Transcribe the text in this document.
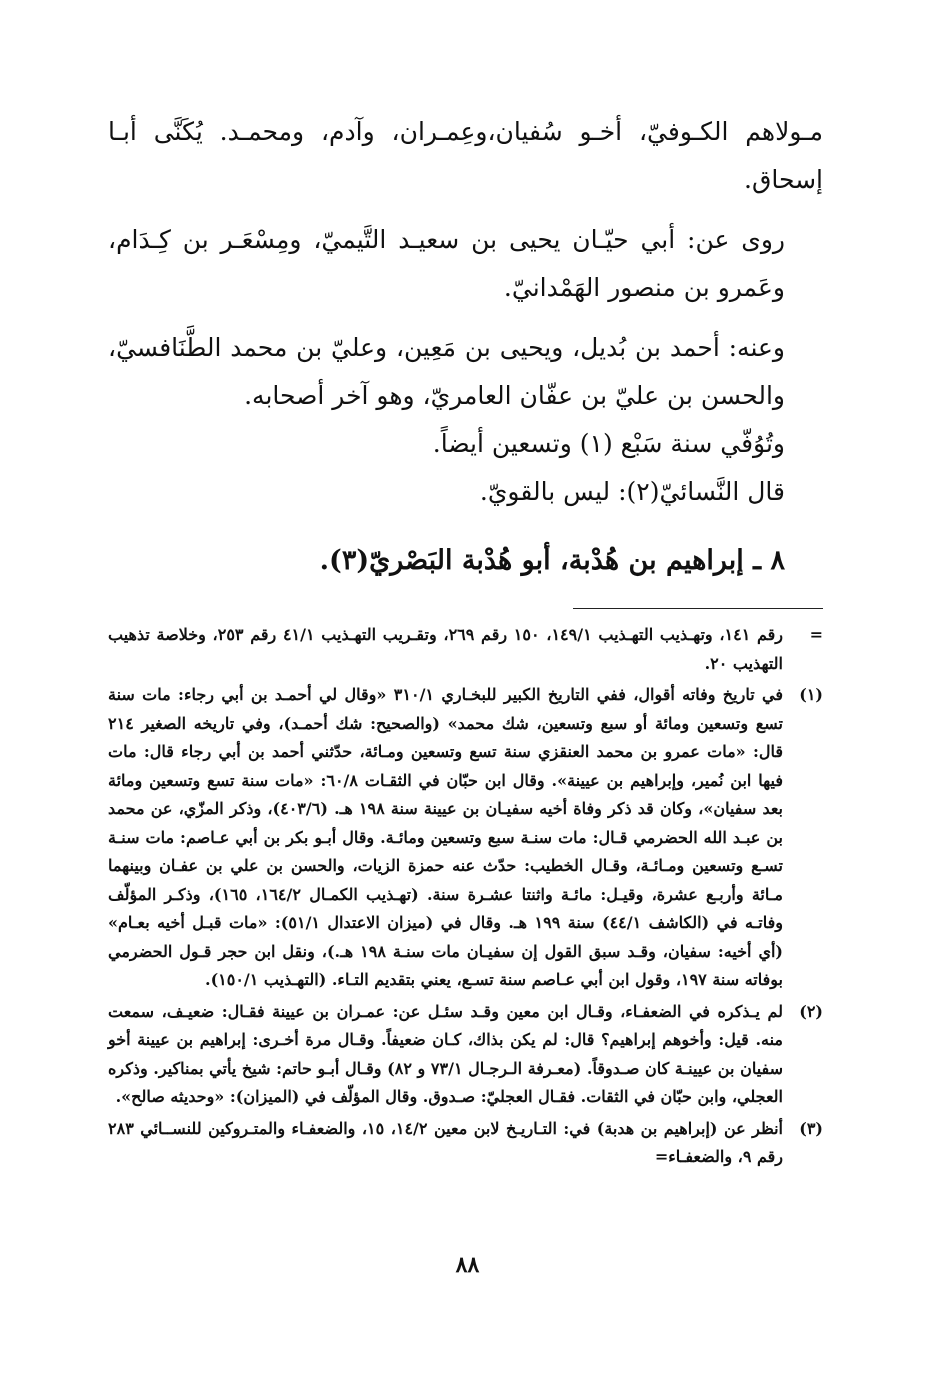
مـولاهم الكـوفيّ، أخـو سُفيان،وعِمـران، وآدم، ومحمـد. يُكَنَّى أبـا إسحاق.

روى عن: أبي حيّـان يحيى بن سعيـد التَّيميّ، ومِسْعَـر بن كِـدَام، وعَمرو بن منصور الهَمْدانيّ.

وعنه: أحمد بن بُديل، ويحيى بن مَعِين، وعليّ بن محمد الطَّنَافسيّ، والحسن بن عليّ بن عفّان العامريّ، وهو آخر أصحابه.

وتُوُفّي سنة سَبْع (١) وتسعين أيضاً.

قال النَّسائيّ(٢): ليس بالقويّ.

٨ ـ إبراهيم بن هُدْبة، أبو هُدْبة البَصْريّ(٣).
=
رقم ١٤١، وتهـذيب التهـذيب ١٤٩/١، ١٥٠ رقم ٢٦٩، وتقـريب التهـذيب ٤١/١ رقم ٢٥٣، وخلاصة تذهيب التهذيب ٢٠.
(١)
في تاريخ وفاته أقوال، ففي التاريخ الكبير للبخـاري ٣١٠/١ «وقال لي أحمـد بن أبي رجاء: مات سنة تسع وتسعين ومائة أو سبع وتسعين، شك محمد» (والصحيح: شك أحمـد)، وفي تاريخه الصغير ٢١٤ قال: «مات عمرو بن محمد العنقزي سنة تسع وتسعين ومـائة، حدّثني أحمد بن أبي رجاء قال: مات فيها ابن نُمير، وإبراهيم بن عيينة». وقال ابن حبّان في الثقـات ٦٠/٨: «مات سنة تسع وتسعين ومائة بعد سفيان»، وكان قد ذكر وفاة أخيه سفيـان بن عيينة سنة ١٩٨ هـ. (٤٠٣/٦)، وذكر المزّي، عن محمد بن عبـد الله الحضرمي قـال: مات سنـة سبع وتسعين ومائـة. وقال أبـو بكر بن أبي عـاصم: مات سنـة تسـع وتسعين ومـائـة، وقـال الخطيب: حدّث عنه حمزة الزيات، والحسن بن علي بن عفـان وبينهما مـائة وأربـع عشرة، وقيـل: مائـة واثنتا عشـرة سنة. (تهـذيب الكمـال ١٦٤/٢، ١٦٥)، وذكـر المؤلّف وفاتـه في (الكاشف ٤٤/١) سنة ١٩٩ هـ. وقال في (ميزان الاعتدال ٥١/١): «مات قبـل أخيه بعـام» (أي أخيه: سفيان، وقـد سبق القول إن سفيـان مات سنـة ١٩٨ هـ.)، ونقل ابن حجر قـول الحضرمي بوفاته سنة ١٩٧، وقول ابن أبي عـاصم سنة تسـع، يعني بتقديم التـاء. (التهـذيب ١٥٠/١).
(٢)
لم يـذكره في الضعفـاء، وقـال ابن معين وقـد سئـل عن: عمـران بن عيينة فقـال: ضعيـف، سمعت منه. قيل: وأخوهم إبراهيم؟ قال: لم يكن بذاك، كـان ضعيفاً. وقـال مرة أخـرى: إبراهيم بن عيينة أخو سفيان بن عيينـة كان صـدوقاً. (معـرفة الـرجـال ٧٣/١ و ٨٢) وقـال أبـو حاتم: شيخ يأتي بمناكير. وذكره العجلي، وابن حبّان في الثقات. فقـال العجليّ: صـدوق. وقال المؤلّف في (الميزان): «وحديثه صالح».
(٣)
أنظر عن (إبراهيم بن هدبة) في: التـاريـخ لابن معين ١٤/٢، ١٥، والضعفـاء والمتـروكين للنســائي ٢٨٣ رقم ٩، والضعفـاء=
٨٨
